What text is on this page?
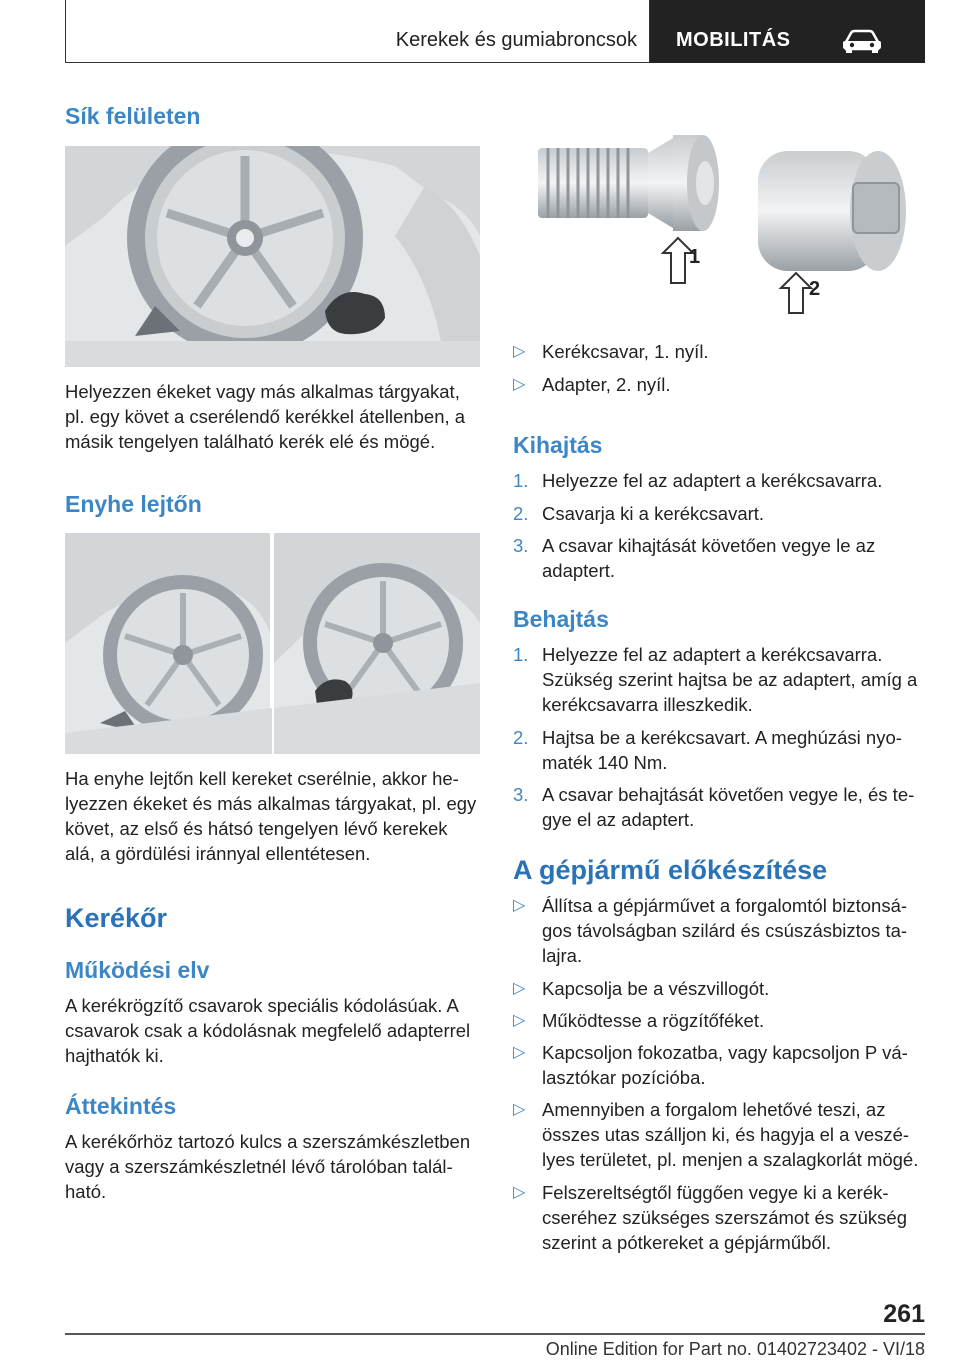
Kerekek és gumiabroncsok MOBILITÁS
Sík felületen
Helyezzen ékeket vagy más alkalmas tárgyakat,
pl. egy követ a cserélendő kerékkel átellenben, a
másik tengelyen található kerék elé és mögé.
Enyhe lejtőn
Ha enyhe lejtőn kell kereket cserélnie, akkor he-
lyezzen ékeket és más alkalmas tárgyakat, pl. egy
követ, az első és hátsó tengelyen lévő kerekek
alá, a gördülési iránnyal ellentétesen.
Kerékőr
Működési elv
A kerékrögzítő csavarok speciális kódolásúak. A
csavarok csak a kódolásnak megfelelő adapterrel
hajthatók ki.
Áttekintés
A kerékőrhöz tartozó kulcs a szerszámkészletben
vagy a szerszámkészletnél lévő tárolóban talál-
ható.
1
2
▷ Kerékcsavar, 1. nyíl.
▷ Adapter, 2. nyíl.
Kihajtás
1. Helyezze fel az adaptert a kerékcsavarra.
2. Csavarja ki a kerékcsavart.
3. A csavar kihajtását követően vegye le az
adaptert.
Behajtás
1. Helyezze fel az adaptert a kerékcsavarra.
Szükség szerint hajtsa be az adaptert, amíg a
kerékcsavarra illeszkedik.
2. Hajtsa be a kerékcsavart. A meghúzási nyo-
maték 140 Nm.
3. A csavar behajtását követően vegye le, és te-
gye el az adaptert.
A gépjármű előkészítése
▷ Állítsa a gépjárművet a forgalomtól biztonsá-
gos távolságban szilárd és csúszásbiztos ta-
lajra.
▷ Kapcsolja be a vészvillogót.
▷ Működtesse a rögzítőféket.
▷ Kapcsoljon fokozatba, vagy kapcsoljon P vá-
lasztókar pozícióba.
▷ Amennyiben a forgalom lehetővé teszi, az
összes utas szálljon ki, és hagyja el a veszé-
lyes területet, pl. menjen a szalagkorlát mögé.
▷ Felszereltségtől függően vegye ki a kerék-
cseréhez szükséges szerszámot és szükség
szerint a pótkereket a gépjárműből.
261
Online Edition for Part no. 01402723402 - VI/18
